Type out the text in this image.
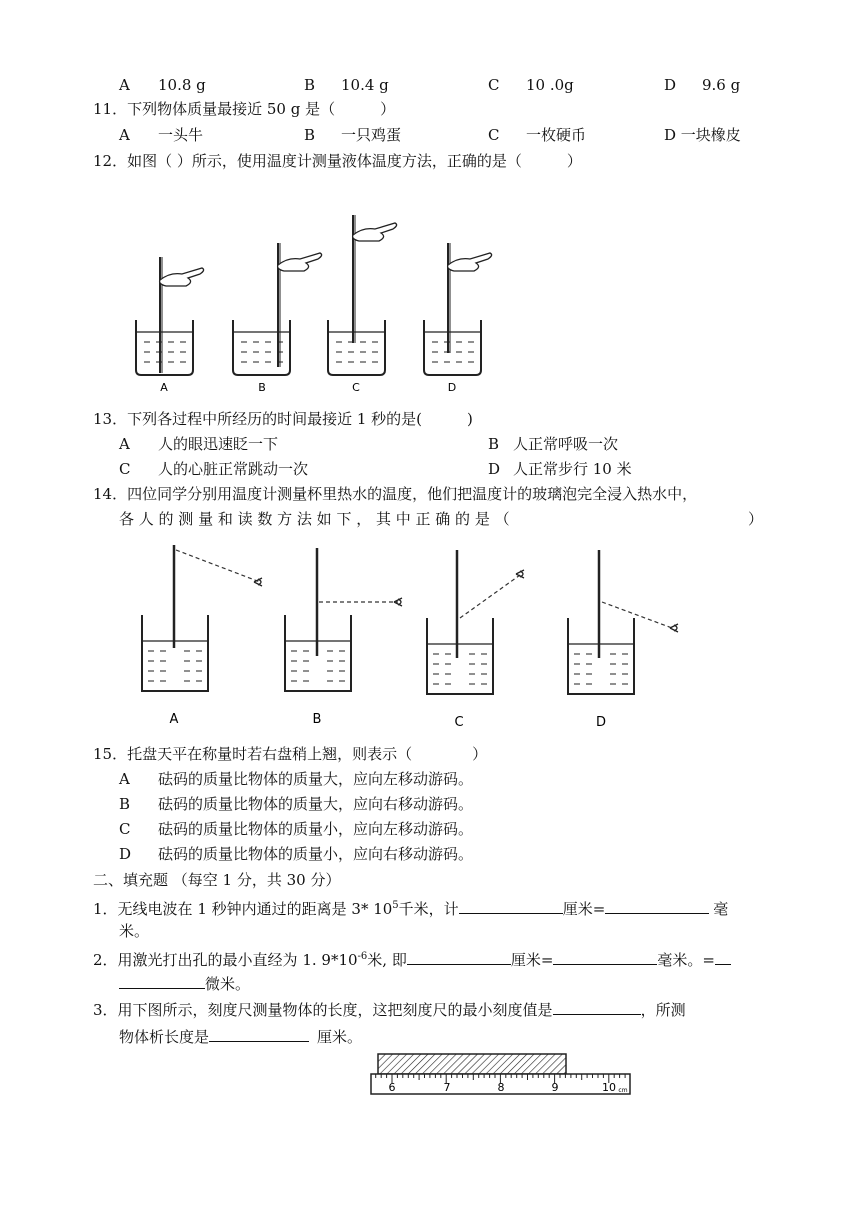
A 10.8 g	B 10.4 g	C 10 .0g	D 9.6 g
11．下列物体质量最接近 50 g 是（　　　）
A 一头牛	B 一只鸡蛋	C 一枚硬币	D 一块橡皮
12．如图（ ）所示，使用温度计测量液体温度方法，正确的是（　　　）
A	B	C	D
13．下列各过程中所经历的时间最接近 1 秒的是(　　　)
A 人的眼迅速眨一下	B 人正常呼吸一次
C 人的心脏正常跳动一次	D 人正常步行 10 米
14．四位同学分别用温度计测量杯里热水的温度，他们把温度计的玻璃泡完全浸入热水中，
各 人 的 测 量 和 读 数 方 法 如 下 ， 其 中 正 确 的 是 （	）
A	B	C	D
15．托盘天平在称量时若右盘稍上翘，则表示（　　　　）
A 砝码的质量比物体的质量大，应向左移动游码。
B 砝码的质量比物体的质量大，应向右移动游码。
C 砝码的质量比物体的质量小，应向左移动游码。
D 砝码的质量比物体的质量小，应向右移动游码。
二、填充题 （每空 1 分，共 30 分）
1．无线电波在 1 秒钟内通过的距离是 3* $10^5$千米，计	厘米=	毫
米。
2．用激光打出孔的最小直经为 1. $9*10^{-6}$米, 即	厘米=	毫米。=
微米。
3．用下图所示，刻度尺测量物体的长度，这把刻度尺的最小刻度值是	，所测
物体析长度是	厘米。
6	7	8	9	10 cm
